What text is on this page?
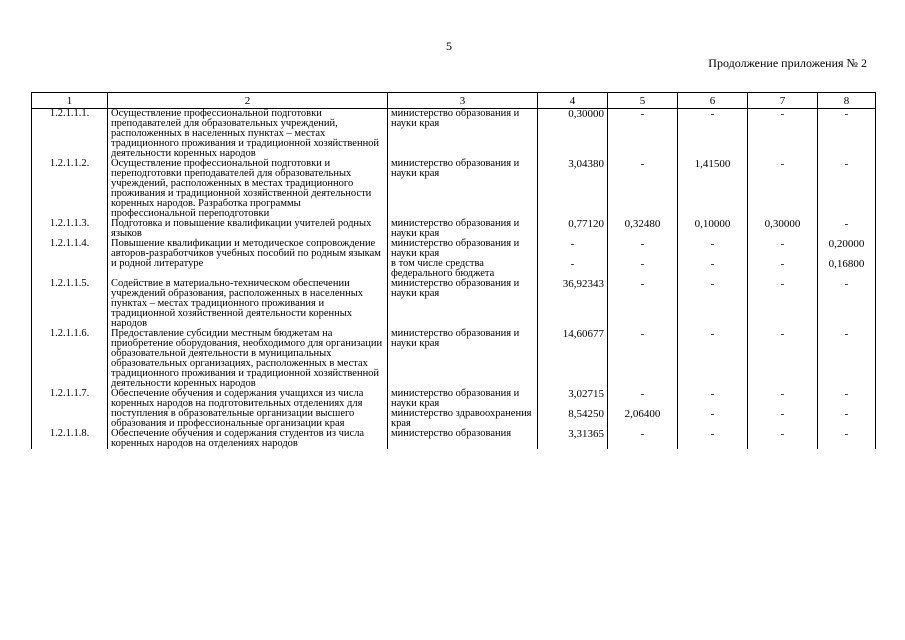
5
Продолжение приложения № 2
1	2	3	4	5	6	7	8
1.2.1.1.1.	Осуществление профессиональной подготовки преподавателей для образовательных учреждений, расположенных в населенных пунктах – местах традиционного проживания и традиционной хозяйственной деятельности коренных народов	министерство образования и науки края	0,30000	-	-	-	-
1.2.1.1.2.	Осуществление профессиональной подготовки и переподготовки преподавателей для образовательных учреждений, расположенных в местах традиционного проживания и традиционной хозяйственной деятельности коренных народов. Разработка программы профессиональной переподготовки	министерство образования и науки края	3,04380	-	1,41500	-	-
1.2.1.1.3.	Подготовка и повышение квалификации учителей родных языков	министерство образования и науки края	0,77120	0,32480	0,10000	0,30000	-
1.2.1.1.4.	Повышение квалификации и методическое сопровождение авторов-разработчиков учебных пособий по родным языкам и родной литературе	министерство образования и науки края	-	-	-	-	0,20000
		в том числе средства федерального бюджета	-	-	-	-	0,16800
1.2.1.1.5.	Содействие в материально-техническом обеспечении учреждений образования, расположенных в населенных пунктах – местах традиционного проживания и традиционной хозяйственной деятельности коренных народов	министерство образования и науки края	36,92343	-	-	-	-
1.2.1.1.6.	Предоставление субсидии местным бюджетам на приобретение оборудования, необходимого для организации образовательной деятельности в муниципальных образовательных организациях, расположенных в местах традиционного проживания и традиционной хозяйственной деятельности коренных народов	министерство образования и науки края	14,60677	-	-	-	-
1.2.1.1.7.	Обеспечение обучения и содержания учащихся из числа коренных народов на подготовительных отделениях для поступления в образовательные организации высшего образования и профессиональные организации края	министерство образования и науки края	3,02715	-	-	-	-
		министерство здравоохранения края	8,54250	2,06400	-	-	-
1.2.1.1.8.	Обеспечение обучения и содержания студентов из числа коренных народов на отделениях народов	министерство образования	3,31365	-	-	-	-
